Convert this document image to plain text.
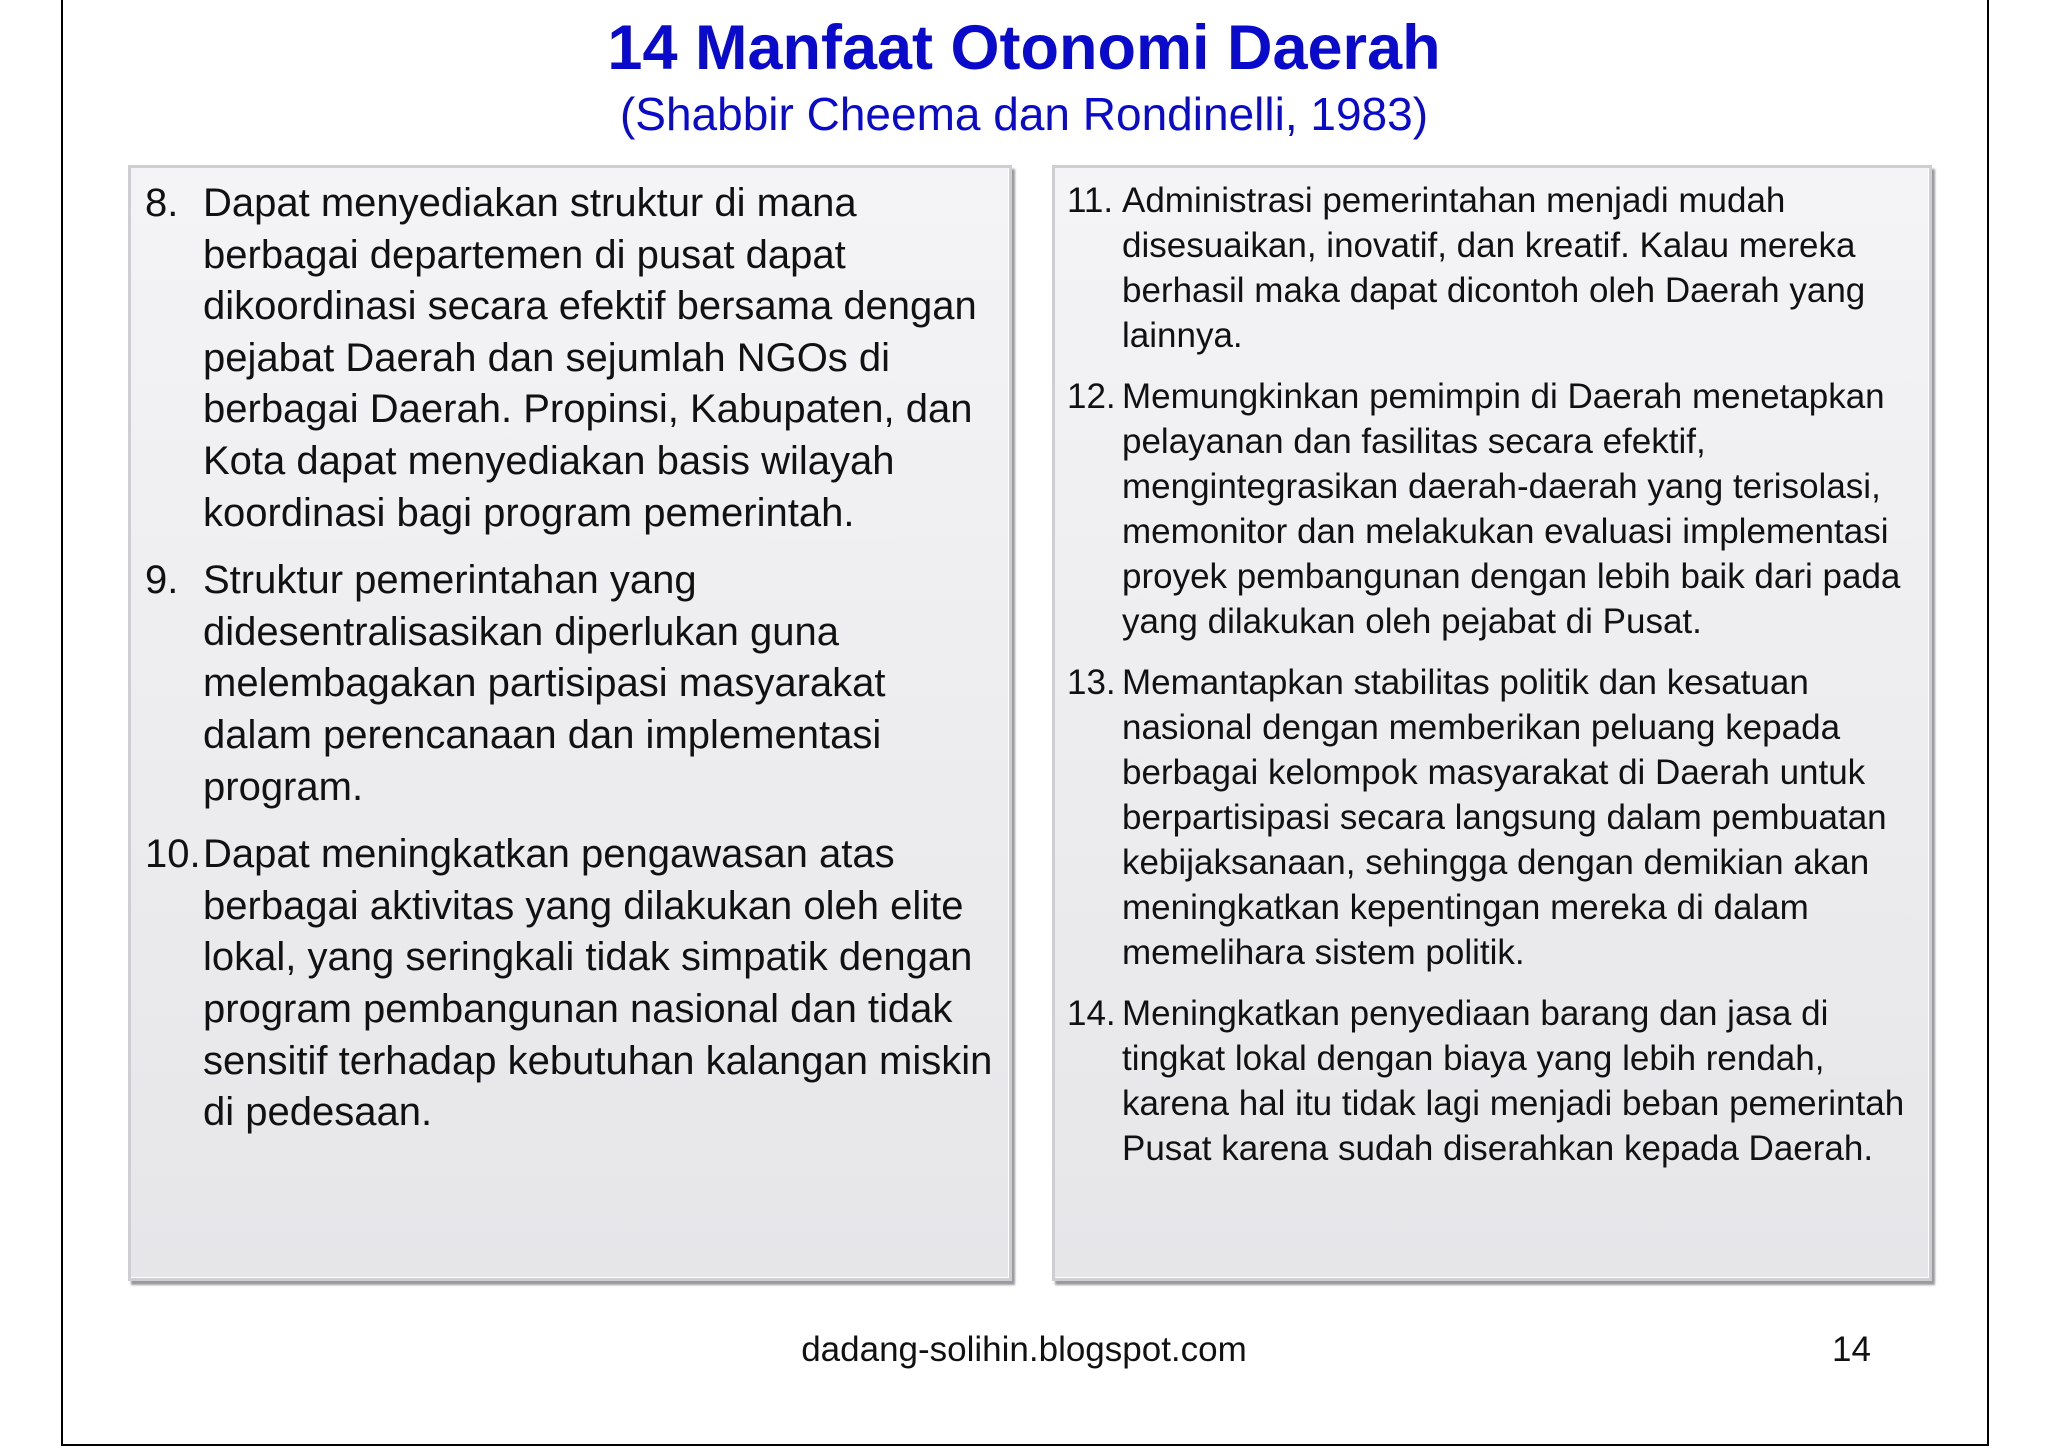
14 Manfaat Otonomi Daerah

(Shabbir Cheema dan Rondinelli, 1983)

8. Dapat menyediakan struktur di mana berbagai departemen di pusat dapat dikoordinasi secara efektif bersama dengan pejabat Daerah dan sejumlah NGOs di berbagai Daerah. Propinsi, Kabupaten, dan Kota dapat menyediakan basis wilayah koordinasi bagi program pemerintah.
9. Struktur pemerintahan yang didesentralisasikan diperlukan guna melembagakan partisipasi masyarakat dalam perencanaan dan implementasi program.
10. Dapat meningkatkan pengawasan atas berbagai aktivitas yang dilakukan oleh elite lokal, yang seringkali tidak simpatik dengan program pembangunan nasional dan tidak sensitif terhadap kebutuhan kalangan miskin di pedesaan.
11. Administrasi pemerintahan menjadi mudah disesuaikan, inovatif, dan kreatif. Kalau mereka berhasil maka dapat dicontoh oleh Daerah yang lainnya.
12. Memungkinkan pemimpin di Daerah menetapkan pelayanan dan fasilitas secara efektif, mengintegrasikan daerah-daerah yang terisolasi, memonitor dan melakukan evaluasi implementasi proyek pembangunan dengan lebih baik dari pada yang dilakukan oleh pejabat di Pusat.
13. Memantapkan stabilitas politik dan kesatuan nasional dengan memberikan peluang kepada berbagai kelompok masyarakat di Daerah untuk berpartisipasi secara langsung dalam pembuatan kebijaksanaan, sehingga dengan demikian akan meningkatkan kepentingan mereka di dalam memelihara sistem politik.
14. Meningkatkan penyediaan barang dan jasa di tingkat lokal dengan biaya yang lebih rendah, karena hal itu tidak lagi menjadi beban pemerintah Pusat karena sudah diserahkan kepada Daerah.
dadang-solihin.blogspot.com	14
